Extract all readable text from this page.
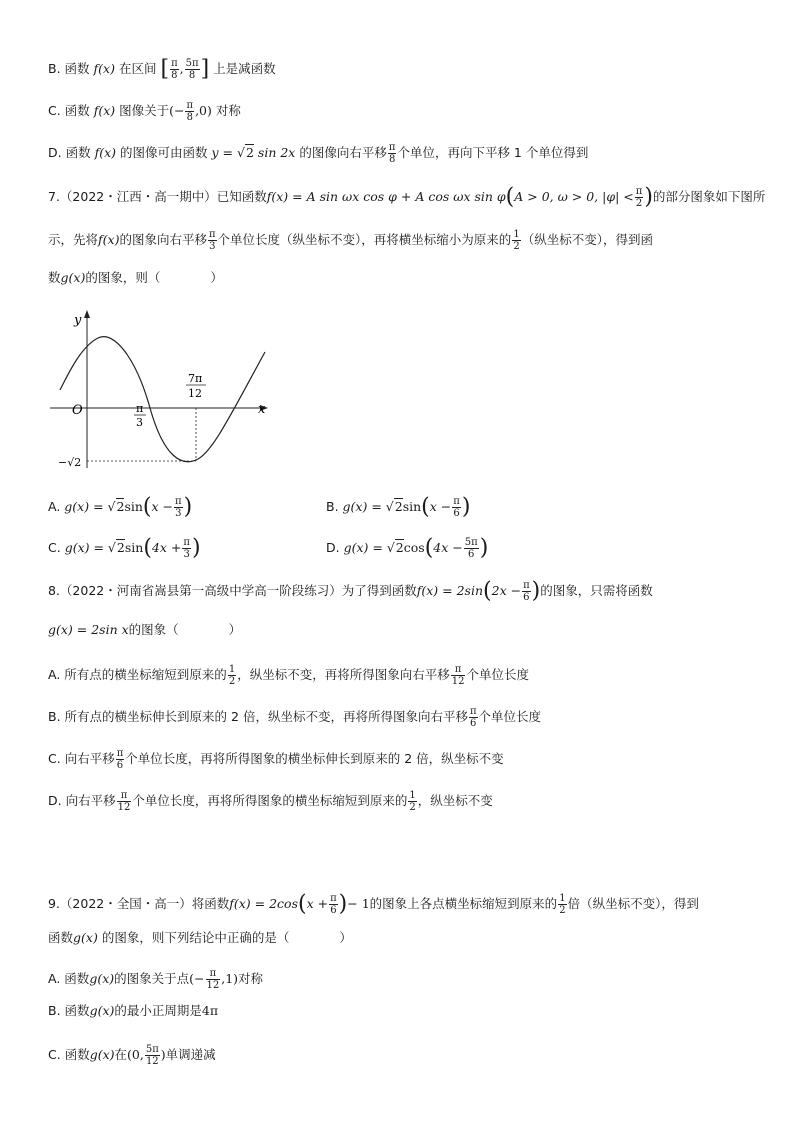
B. 函数 f(x) 在区间 [ $\frac{\pi}{8}$ , $\frac{5\pi}{8}$ ] 上是减函数
C. 函数 f(x) 图像关于(− $\frac{\pi}{8} ,0$) 对称
D. 函数 f(x) 的图像可由函数 y = √2 sin 2x 的图像向右平移 $\frac{\pi}{8}$ 个单位，再向下平移 1 个单位得到
7.（2022・江西・高一期中）已知函数f(x) = A sin ωx cos φ + A cos ωx sin φ(A > 0, ω > 0, $|\varphi| < \frac{\pi}{2}$ )的部分图象如下图所
示，先将f(x)的图象向右平移 $\frac{\pi}{3}$ 个单位长度（纵坐标不变），再将横坐标缩小为原来的 $\frac{1}{2}$ （纵坐标不变），得到函
数g(x)的图象，则（　　　　）
y
x
O	π
3
7π
12
−√2
A. $g(x) = √2\sin(x - \frac{\pi}{3}$ )	B. $g(x) = √2\sin(x - \frac{\pi}{6}$ )
C. $g(x) = √2\sin(4x + \frac{\pi}{3}$ )	D. $g(x) = √2\cos(4x - \frac{5\pi}{6}$ )
8.（2022・河南省嵩县第一高级中学高一阶段练习）为了得到函数$f(x) = 2\sin(2x - \frac{\pi}{6}$ )的图象，只需将函数
g(x) = 2sin x的图象（　　　　）
A. 所有点的横坐标缩短到原来的 $\frac{1}{2}$ ，纵坐标不变，再将所得图象向右平移 $\frac{\pi}{12}$ 个单位长度
B. 所有点的横坐标伸长到原来的 2 倍，纵坐标不变，再将所得图象向右平移 $\frac{\pi}{6}$ 个单位长度
C. 向右平移 $\frac{\pi}{6}$ 个单位长度，再将所得图象的横坐标伸长到原来的 2 倍，纵坐标不变
D. 向右平移 $\frac{\pi}{12}$ 个单位长度，再将所得图象的横坐标缩短到原来的 $\frac{1}{2}$ ，纵坐标不变
9.（2022・全国・高一）将函数$f(x) = 2\cos(x + \frac{\pi}{6}$ )− 1的图象上各点横坐标缩短到原来的 $\frac{1}{2}$ 倍（纵坐标不变），得到
函数g(x) 的图象，则下列结论中正确的是（　　　　）
A. 函数g(x)的图象关于点(− $\frac{\pi}{12} ,1$)对称
B. 函数g(x)的最小正周期是4π
C. 函数g(x)在(0, $\frac{5\pi}{12}$ )单调递减
